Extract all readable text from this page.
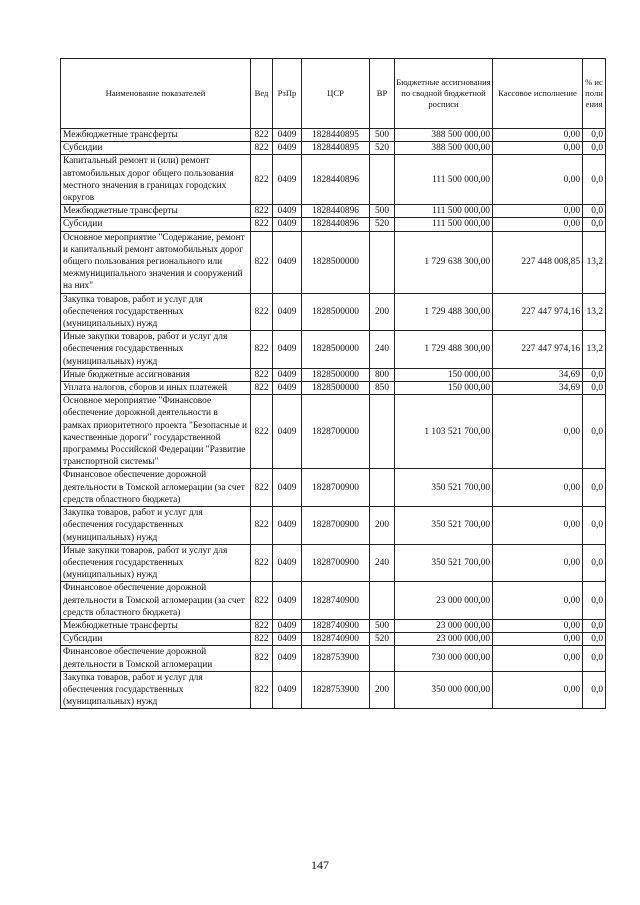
Наименование показателей	Вед	РзПр	ЦСР	ВР	Бюджетные ассигнования по сводной бюджетной росписи	Кассовое исполнение	% исполнения
Межбюджетные трансферты	822	0409	1828440895	500	388 500 000,00	0,00	0,0
Субсидии	822	0409	1828440895	520	388 500 000,00	0,00	0,0
Капитальный ремонт и (или) ремонт автомобильных дорог общего пользования местного значения в границах городских округов	822	0409	1828440896		111 500 000,00	0,00	0,0
Межбюджетные трансферты	822	0409	1828440896	500	111 500 000,00	0,00	0,0
Субсидии	822	0409	1828440896	520	111 500 000,00	0,00	0,0
Основное мероприятие "Содержание, ремонт и капитальный ремонт автомобильных дорог общего пользования регионального или межмуниципального значения и сооружений на них"	822	0409	1828500000		1 729 638 300,00	227 448 008,85	13,2
Закупка товаров, работ и услуг для обеспечения государственных (муниципальных) нужд	822	0409	1828500000	200	1 729 488 300,00	227 447 974,16	13,2
Иные закупки товаров, работ и услуг для обеспечения государственных (муниципальных) нужд	822	0409	1828500000	240	1 729 488 300,00	227 447 974,16	13,2
Иные бюджетные ассигнования	822	0409	1828500000	800	150 000,00	34,69	0,0
Уплата налогов, сборов и иных платежей	822	0409	1828500000	850	150 000,00	34,69	0,0
Основное мероприятие "Финансовое обеспечение дорожной деятельности в рамках приоритетного проекта "Безопасные и качественные дороги" государственной программы Российской Федерации "Развитие транспортной системы"	822	0409	1828700000		1 103 521 700,00	0,00	0,0
Финансовое обеспечение дорожной деятельности в Томской агломерации (за счет средств областного бюджета)	822	0409	1828700900		350 521 700,00	0,00	0,0
Закупка товаров, работ и услуг для обеспечения государственных (муниципальных) нужд	822	0409	1828700900	200	350 521 700,00	0,00	0,0
Иные закупки товаров, работ и услуг для обеспечения государственных (муниципальных) нужд	822	0409	1828700900	240	350 521 700,00	0,00	0,0
Финансовое обеспечение дорожной деятельности в Томской агломерации (за счет средств областного бюджета)	822	0409	1828740900		23 000 000,00	0,00	0,0
Межбюджетные трансферты	822	0409	1828740900	500	23 000 000,00	0,00	0,0
Субсидии	822	0409	1828740900	520	23 000 000,00	0,00	0,0
Финансовое обеспечение дорожной деятельности в Томской агломерации	822	0409	1828753900		730 000 000,00	0,00	0,0
Закупка товаров, работ и услуг для обеспечения государственных (муниципальных) нужд	822	0409	1828753900	200	350 000 000,00	0,00	0,0
147
